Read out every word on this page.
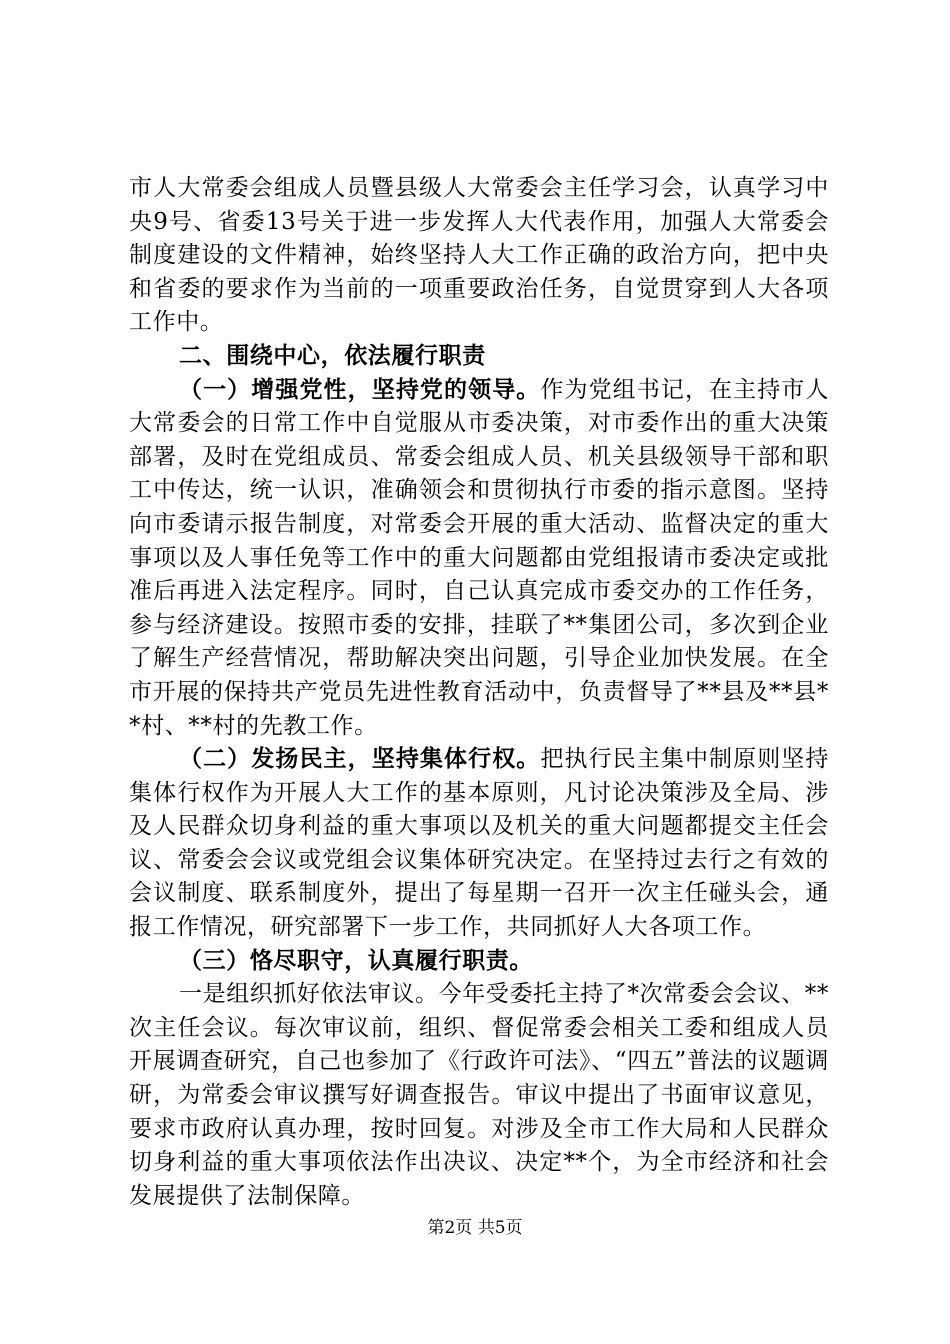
市人大常委会组成人员暨县级人大常委会主任学习会，认真学习中央9号、省委13号关于进一步发挥人大代表作用，加强人大常委会制度建设的文件精神，始终坚持人大工作正确的政治方向，把中央和省委的要求作为当前的一项重要政治任务，自觉贯穿到人大各项工作中。

二、围绕中心，依法履行职责

（一）增强党性，坚持党的领导。作为党组书记，在主持市人大常委会的日常工作中自觉服从市委决策，对市委作出的重大决策部署，及时在党组成员、常委会组成人员、机关县级领导干部和职工中传达，统一认识，准确领会和贯彻执行市委的指示意图。坚持向市委请示报告制度，对常委会开展的重大活动、监督决定的重大事项以及人事任免等工作中的重大问题都由党组报请市委决定或批准后再进入法定程序。同时，自己认真完成市委交办的工作任务，参与经济建设。按照市委的安排，挂联了**集团公司，多次到企业了解生产经营情况，帮助解决突出问题，引导企业加快发展。在全市开展的保持共产党员先进性教育活动中，负责督导了**县及**县**村、**村的先教工作。

（二）发扬民主，坚持集体行权。把执行民主集中制原则坚持集体行权作为开展人大工作的基本原则，凡讨论决策涉及全局、涉及人民群众切身利益的重大事项以及机关的重大问题都提交主任会议、常委会会议或党组会议集体研究决定。在坚持过去行之有效的会议制度、联系制度外，提出了每星期一召开一次主任碰头会，通报工作情况，研究部署下一步工作，共同抓好人大各项工作。

（三）恪尽职守，认真履行职责。

一是组织抓好依法审议。今年受委托主持了*次常委会会议、**次主任会议。每次审议前，组织、督促常委会相关工委和组成人员开展调查研究，自己也参加了《行政许可法》、“四五”普法的议题调研，为常委会审议撰写好调查报告。审议中提出了书面审议意见，要求市政府认真办理，按时回复。对涉及全市工作大局和人民群众切身利益的重大事项依法作出决议、决定**个，为全市经济和社会发展提供了法制保障。

第2页 共5页
